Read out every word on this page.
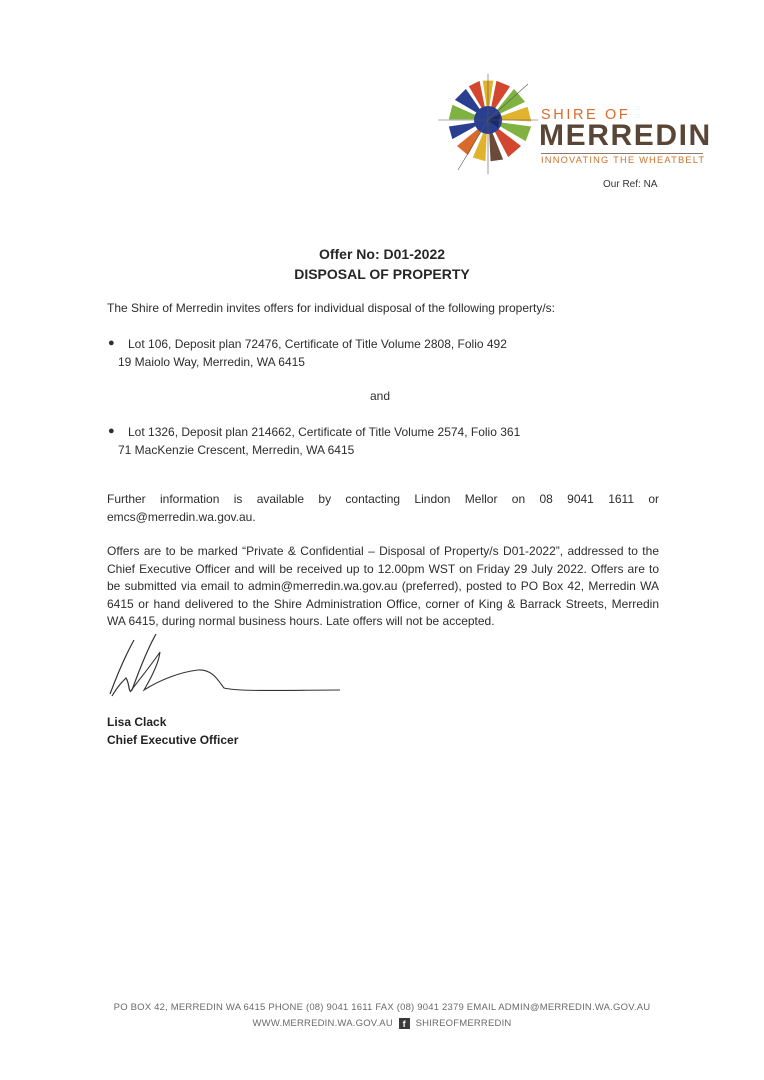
SHIRE OF
MERREDIN
INNOVATING THE WHEATBELT
Our Ref: NA
Offer No: D01-2022
DISPOSAL OF PROPERTY
The Shire of Merredin invites offers for individual disposal of the following property/s:
● Lot 106, Deposit plan 72476, Certificate of Title Volume 2808, Folio 492
19 Maiolo Way, Merredin, WA 6415
and
● Lot 1326, Deposit plan 214662, Certificate of Title Volume 2574, Folio 361
71 MacKenzie Crescent, Merredin, WA 6415
Further information is available by contacting Lindon Mellor on 08 9041 1611 or emcs@merredin.wa.gov.au.
Offers are to be marked “Private & Confidential – Disposal of Property/s D01-2022”, addressed to the Chief Executive Officer and will be received up to 12.00pm WST on Friday 29 July 2022. Offers are to be submitted via email to admin@merredin.wa.gov.au (preferred), posted to PO Box 42, Merredin WA 6415 or hand delivered to the Shire Administration Office, corner of King & Barrack Streets, Merredin WA 6415, during normal business hours. Late offers will not be accepted.
Lisa Clack
Chief Executive Officer
PO BOX 42, MERREDIN WA 6415 PHONE (08) 9041 1611 FAX (08) 9041 2379 EMAIL ADMIN@MERREDIN.WA.GOV.AU
WWW.MERREDIN.WA.GOV.AU f SHIREOFMERREDIN
